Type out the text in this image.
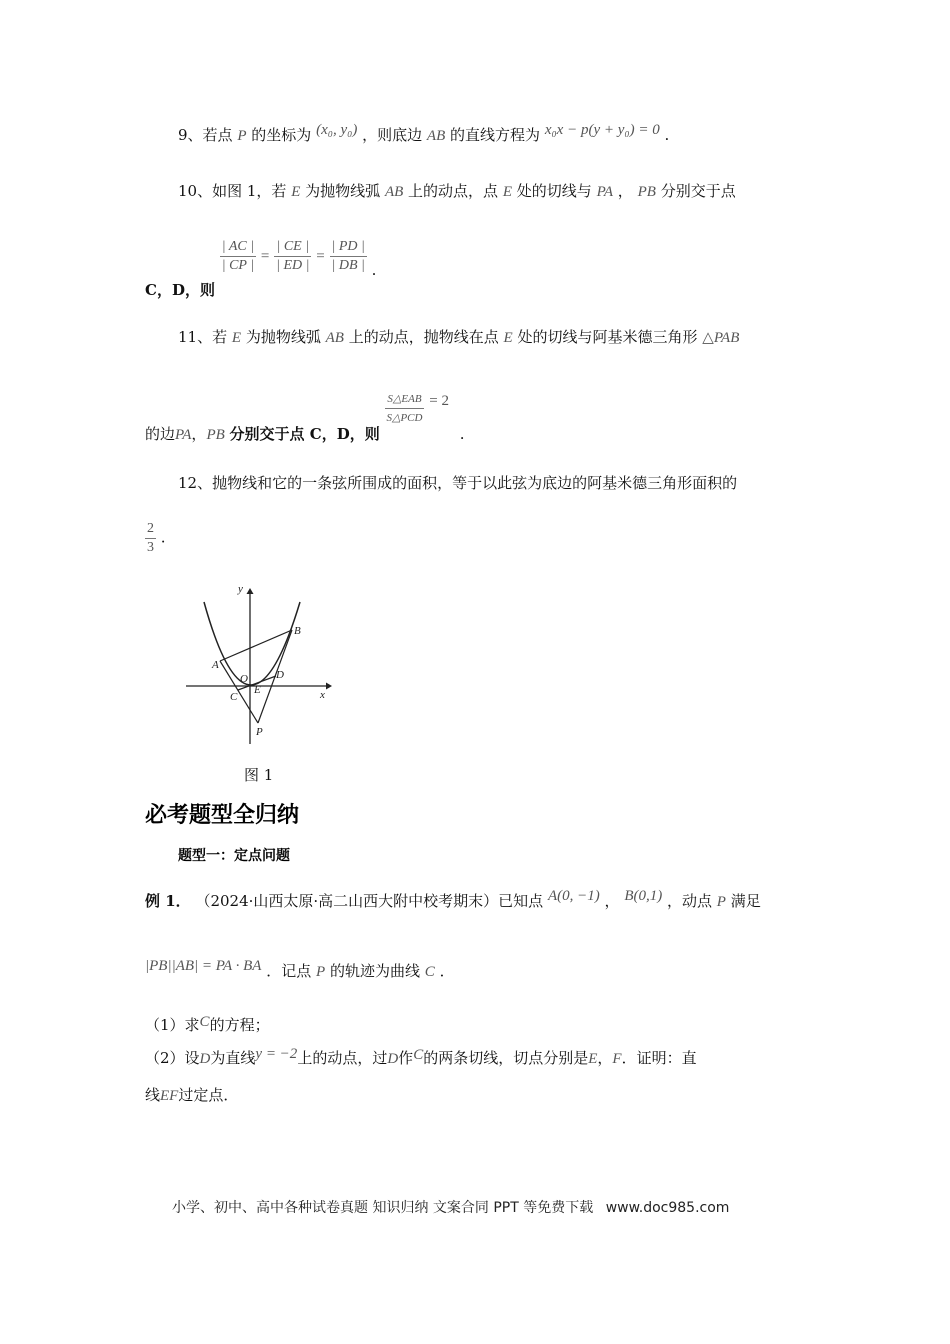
9、若点 P 的坐标为 (x₀, y₀) ，则底边 AB 的直线方程为 x₀x − p(y + y₀) = 0 .
10、如图 1，若 E 为抛物线弧 AB 上的动点，点 E 处的切线与 PA ， PB 分别交于点
C，D，则
$\frac{| AC |}{| CP |} = \frac{| CE |}{| ED |} = \frac{| PD |}{| DB |}$ .
11、若 E 为抛物线弧 AB 上的动点，抛物线在点 E 处的切线与阿基米德三角形 △PAB
的边PA，PB 分别交于点 C，D，则
$\frac{\text{S△EAB}}{\text{S△PCD}} = 2$ .
12、抛物线和它的一条弦所围成的面积，等于以此弦为底边的阿基米德三角形面积的
$\frac{2}{3}$ .
y
x
A
B
O
E
D
C
P
图 1
必考题型全归纳
题型一：定点问题
例 1． （2024·山西太原·高二山西大附中校考期末）已知点 A(0, −1) ， B(0,1) ，动点 P 满足
|PB||AB| = PA · BA ．记点 P 的轨迹为曲线 C ．
（1）求C的方程；
（2）设D为直线y = −2上的动点，过D作C的两条切线，切点分别是E，F．证明：直
线EF过定点．
小学、初中、高中各种试卷真题 知识归纳 文案合同 PPT 等免费下载 www.doc985.com
